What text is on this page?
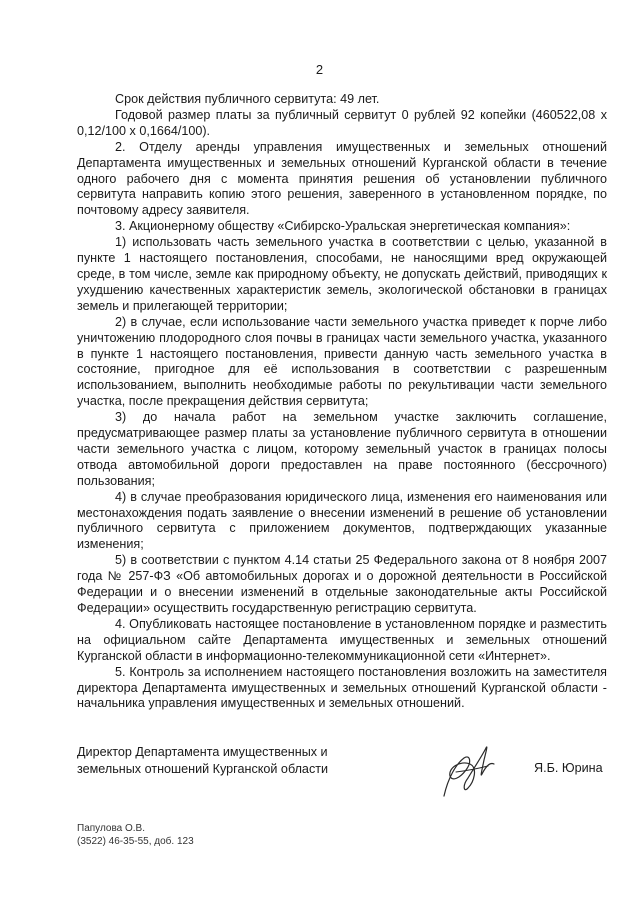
2

Срок действия публичного сервитута: 49 лет.

Годовой размер платы за публичный сервитут 0 рублей 92 копейки (460522,08 х 0,12/100 х 0,1664/100).

2. Отделу аренды управления имущественных и земельных отношений Департамента имущественных и земельных отношений Курганской области в течение одного рабочего дня с момента принятия решения об установлении публичного сервитута направить копию этого решения, заверенного в установленном порядке, по почтовому адресу заявителя.

3. Акционерному обществу «Сибирско-Уральская энергетическая компания»:

1) использовать часть земельного участка в соответствии с целью, указанной в пункте 1 настоящего постановления, способами, не наносящими вред окружающей среде, в том числе, земле как природному объекту, не допускать действий, приводящих к ухудшению качественных характеристик земель, экологической обстановки в границах земель и прилегающей территории;

2) в случае, если использование части земельного участка приведет к порче либо уничтожению плодородного слоя почвы в границах части земельного участка, указанного в пункте 1 настоящего постановления, привести данную часть земельного участка в состояние, пригодное для её использования в соответствии с разрешенным использованием, выполнить необходимые работы по рекультивации части земельного участка, после прекращения действия сервитута;

3) до начала работ на земельном участке заключить соглашение, предусматривающее размер платы за установление публичного сервитута в отношении части земельного участка с лицом, которому земельный участок в границах полосы отвода автомобильной дороги предоставлен на праве постоянного (бессрочного) пользования;

4) в случае преобразования юридического лица, изменения его наименования или местонахождения подать заявление о внесении изменений в решение об установлении публичного сервитута с приложением документов, подтверждающих указанные изменения;

5) в соответствии с пунктом 4.14 статьи 25 Федерального закона от 8 ноября 2007 года № 257-ФЗ «Об автомобильных дорогах и о дорожной деятельности в Российской Федерации и о внесении изменений в отдельные законодательные акты Российской Федерации» осуществить государственную регистрацию сервитута.

4. Опубликовать настоящее постановление в установленном порядке и разместить на официальном сайте Департамента имущественных и земельных отношений Курганской области в информационно-телекоммуникационной сети «Интернет».

5. Контроль за исполнением настоящего постановления возложить на заместителя директора Департамента имущественных и земельных отношений Курганской области - начальника управления имущественных и земельных отношений.

Директор Департамента имущественных и
земельных отношений Курганской области	Я.Б. Юрина
Папулова О.В.
(3522) 46-35-55, доб. 123
